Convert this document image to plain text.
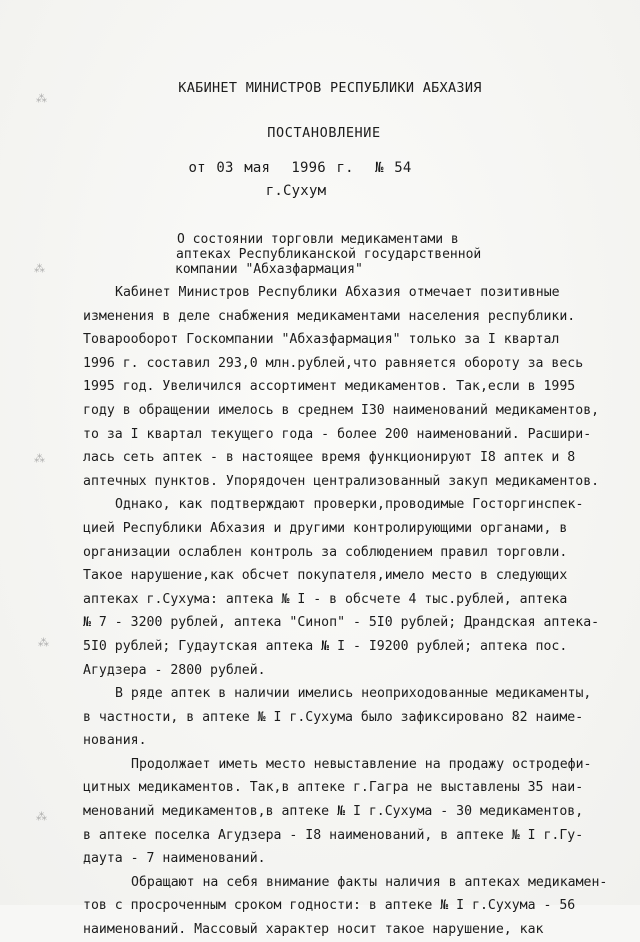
⁂
⁂
⁂
⁂
⁂
КАБИНЕТ МИНИСТРОВ РЕСПУБЛИКИ АБХАЗИЯ
ПОСТАНОВЛЕНИЕ
от 03 мая  1996 г.  № 54
г.Сухум
О состоянии торговли медикаментами в
аптеках Республиканской государственной
компании "Абхазфармация"
Кабинет Министров Республики Абхазия отмечает позитивные
изменения в деле снабжения медикаментами населения республики.
Товарооборот Госкомпании "Абхазфармация" только за I квартал
1996 г. составил 293,0 млн.рублей,что равняется обороту за весь
1995 год. Увеличился ассортимент медикаментов. Так,если в 1995
году в обращении имелось в среднем I30 наименований медикаментов,
то за I квартал текущего года - более 200 наименований. Расшири-
лась сеть аптек - в настоящее время функционируют I8 аптек и 8
аптечных пунктов. Упорядочен централизованный закуп медикаментов.
Однако, как подтверждают проверки,проводимые Госторгинспек-
цией Республики Абхазия и другими контролирующими органами, в
организации ослаблен контроль за соблюдением правил торговли.
Такое нарушение,как обсчет покупателя,имело место в следующих
аптеках г.Сухума: аптека № I - в обсчете 4 тыс.рублей, аптека
№ 7 - 3200 рублей, аптека "Синоп" - 5I0 рублей; Драндская аптека-
5I0 рублей; Гудаутская аптека № I - I9200 рублей; аптека пос.
Агудзера - 2800 рублей.
В ряде аптек в наличии имелись неоприходованные медикаменты,
в частности, в аптеке № I г.Сухума было зафиксировано 82 наиме-
нования.
Продолжает иметь место невыставление на продажу остродефи-
цитных медикаментов. Так,в аптеке г.Гагра не выставлены 35 наи-
менований медикаментов,в аптеке № I г.Сухума - 30 медикаментов,
в аптеке поселка Агудзера - I8 наименований, в аптеке № I г.Гу-
даута - 7 наименований.
Обращают на себя внимание факты наличия в аптеках медикамен-
тов с просроченным сроком годности: в аптеке № I г.Сухума - 56
наименований. Массовый характер носит такое нарушение, как
